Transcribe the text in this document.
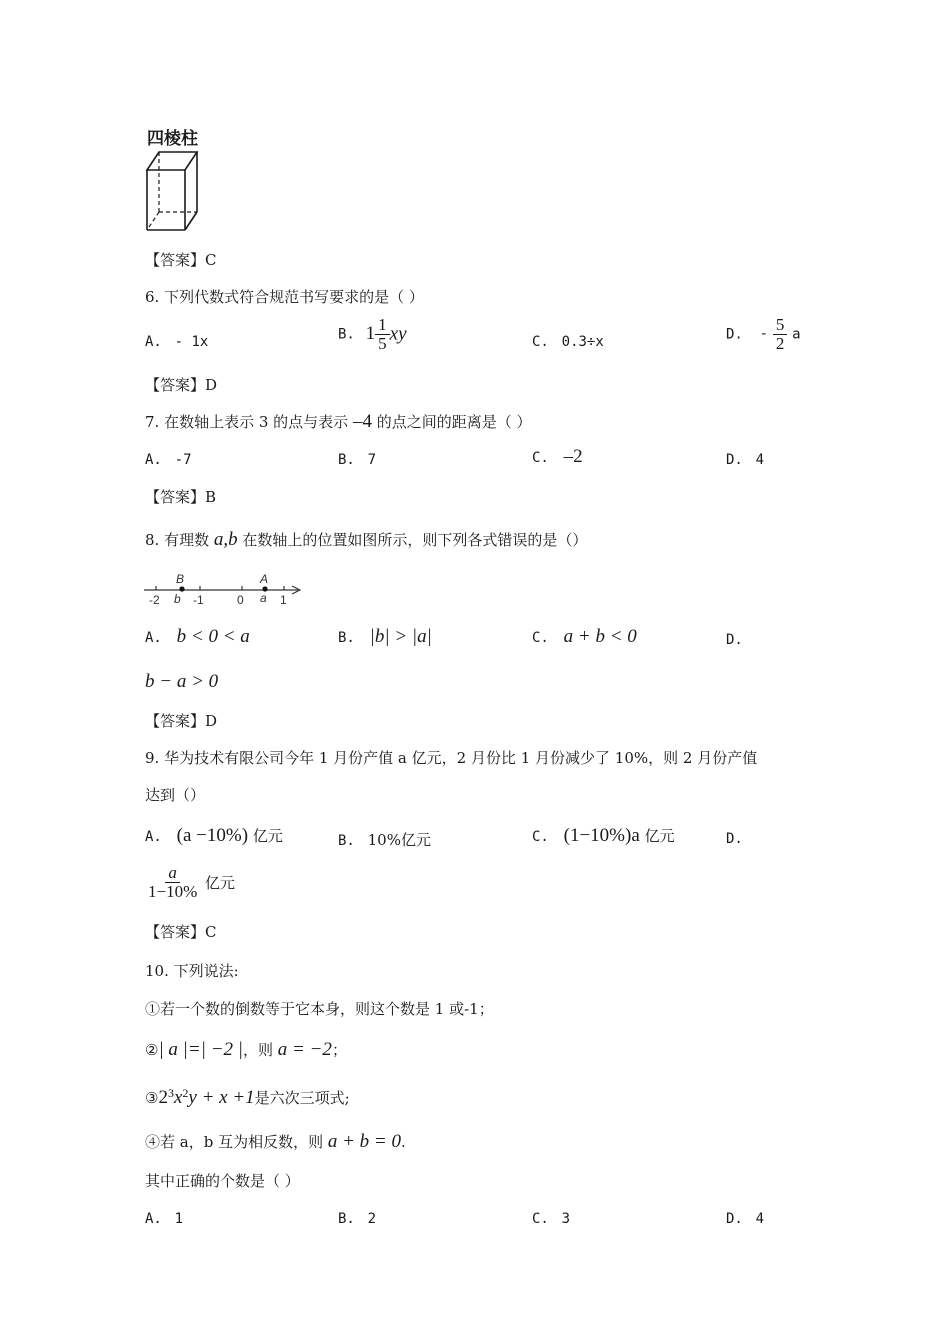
四棱柱
【答案】C
6. 下列代数式符合规范书写要求的是（ ）
A. - 1x	B. $1 \frac{1}{5}$ xy	C. 0.3÷x	D. - $\frac{5}{2}$ a
【答案】D
7. 在数轴上表示 3 的点与表示 –4 的点之间的距离是（ ）
A. -7	B. 7	C. –2	D. 4
【答案】B
8. 有理数 a,b 在数轴上的位置如图所示，则下列各式错误的是（）
B	A
-2 b -1	0 a 1
A. b < 0 < a	B. |b| > |a|	C. a + b < 0	D.
b − a > 0
【答案】D
9. 华为技术有限公司今年 1 月份产值 a 亿元，2 月份比 1 月份减少了 10%，则 2 月份产值
达到（）
A. (a −10%) 亿元	B. 10%亿元	C. (1−10%)a 亿元	D.
$\frac{a}{1-10\%}$ 亿元
【答案】C
10. 下列说法:
①若一个数的倒数等于它本身，则这个数是 1 或-1；
②| a |=| −2 |，则 a = −2；
$③2^3x^2y + x +1$是六次三项式;
④若 a，b 互为相反数，则 a + b = 0.
其中正确的个数是（ ）
A. 1	B. 2	C. 3	D. 4
